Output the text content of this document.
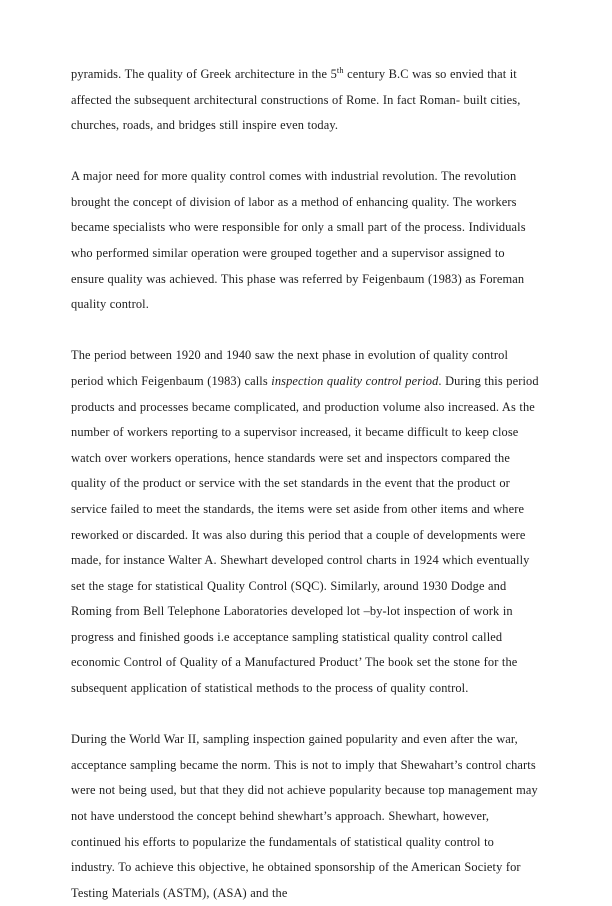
pyramids. The quality of Greek architecture in the 5th century B.C was so envied that it affected the subsequent architectural constructions of Rome. In fact Roman- built cities, churches, roads, and bridges still inspire even today.

A major need for more quality control comes with industrial revolution. The revolution brought the concept of division of labor as a method of enhancing quality. The workers became specialists who were responsible for only a small part of the process. Individuals who performed similar operation were grouped together and a supervisor assigned to ensure quality was achieved. This phase was referred by Feigenbaum (1983) as Foreman quality control.

The period between 1920 and 1940 saw the next phase in evolution of quality control period which Feigenbaum (1983) calls inspection quality control period. During this period products and processes became complicated, and production volume also increased. As the number of workers reporting to a supervisor increased, it became difficult to keep close watch over workers operations, hence standards were set and inspectors compared the quality of the product or service with the set standards in the event that the product or service failed to meet the standards, the items were set aside from other items and where reworked or discarded. It was also during this period that a couple of developments were made, for instance Walter A. Shewhart developed control charts in 1924 which eventually set the stage for statistical Quality Control (SQC). Similarly, around 1930 Dodge and Roming from Bell Telephone Laboratories developed lot –by-lot inspection of work in progress and finished goods i.e acceptance sampling statistical quality control called economic Control of Quality of a Manufactured Product’ The book set the stone for the subsequent application of statistical methods to the process of quality control.

During the World War II, sampling inspection gained popularity and even after the war, acceptance sampling became the norm. This is not to imply that Shewahart’s control charts were not being used, but that they did not achieve popularity because top management may not have understood the concept behind shewhart’s approach. Shewhart, however, continued his efforts to popularize the fundamentals of statistical quality control to industry. To achieve this objective, he obtained sponsorship of the American Society for Testing Materials (ASTM), (ASA) and the
